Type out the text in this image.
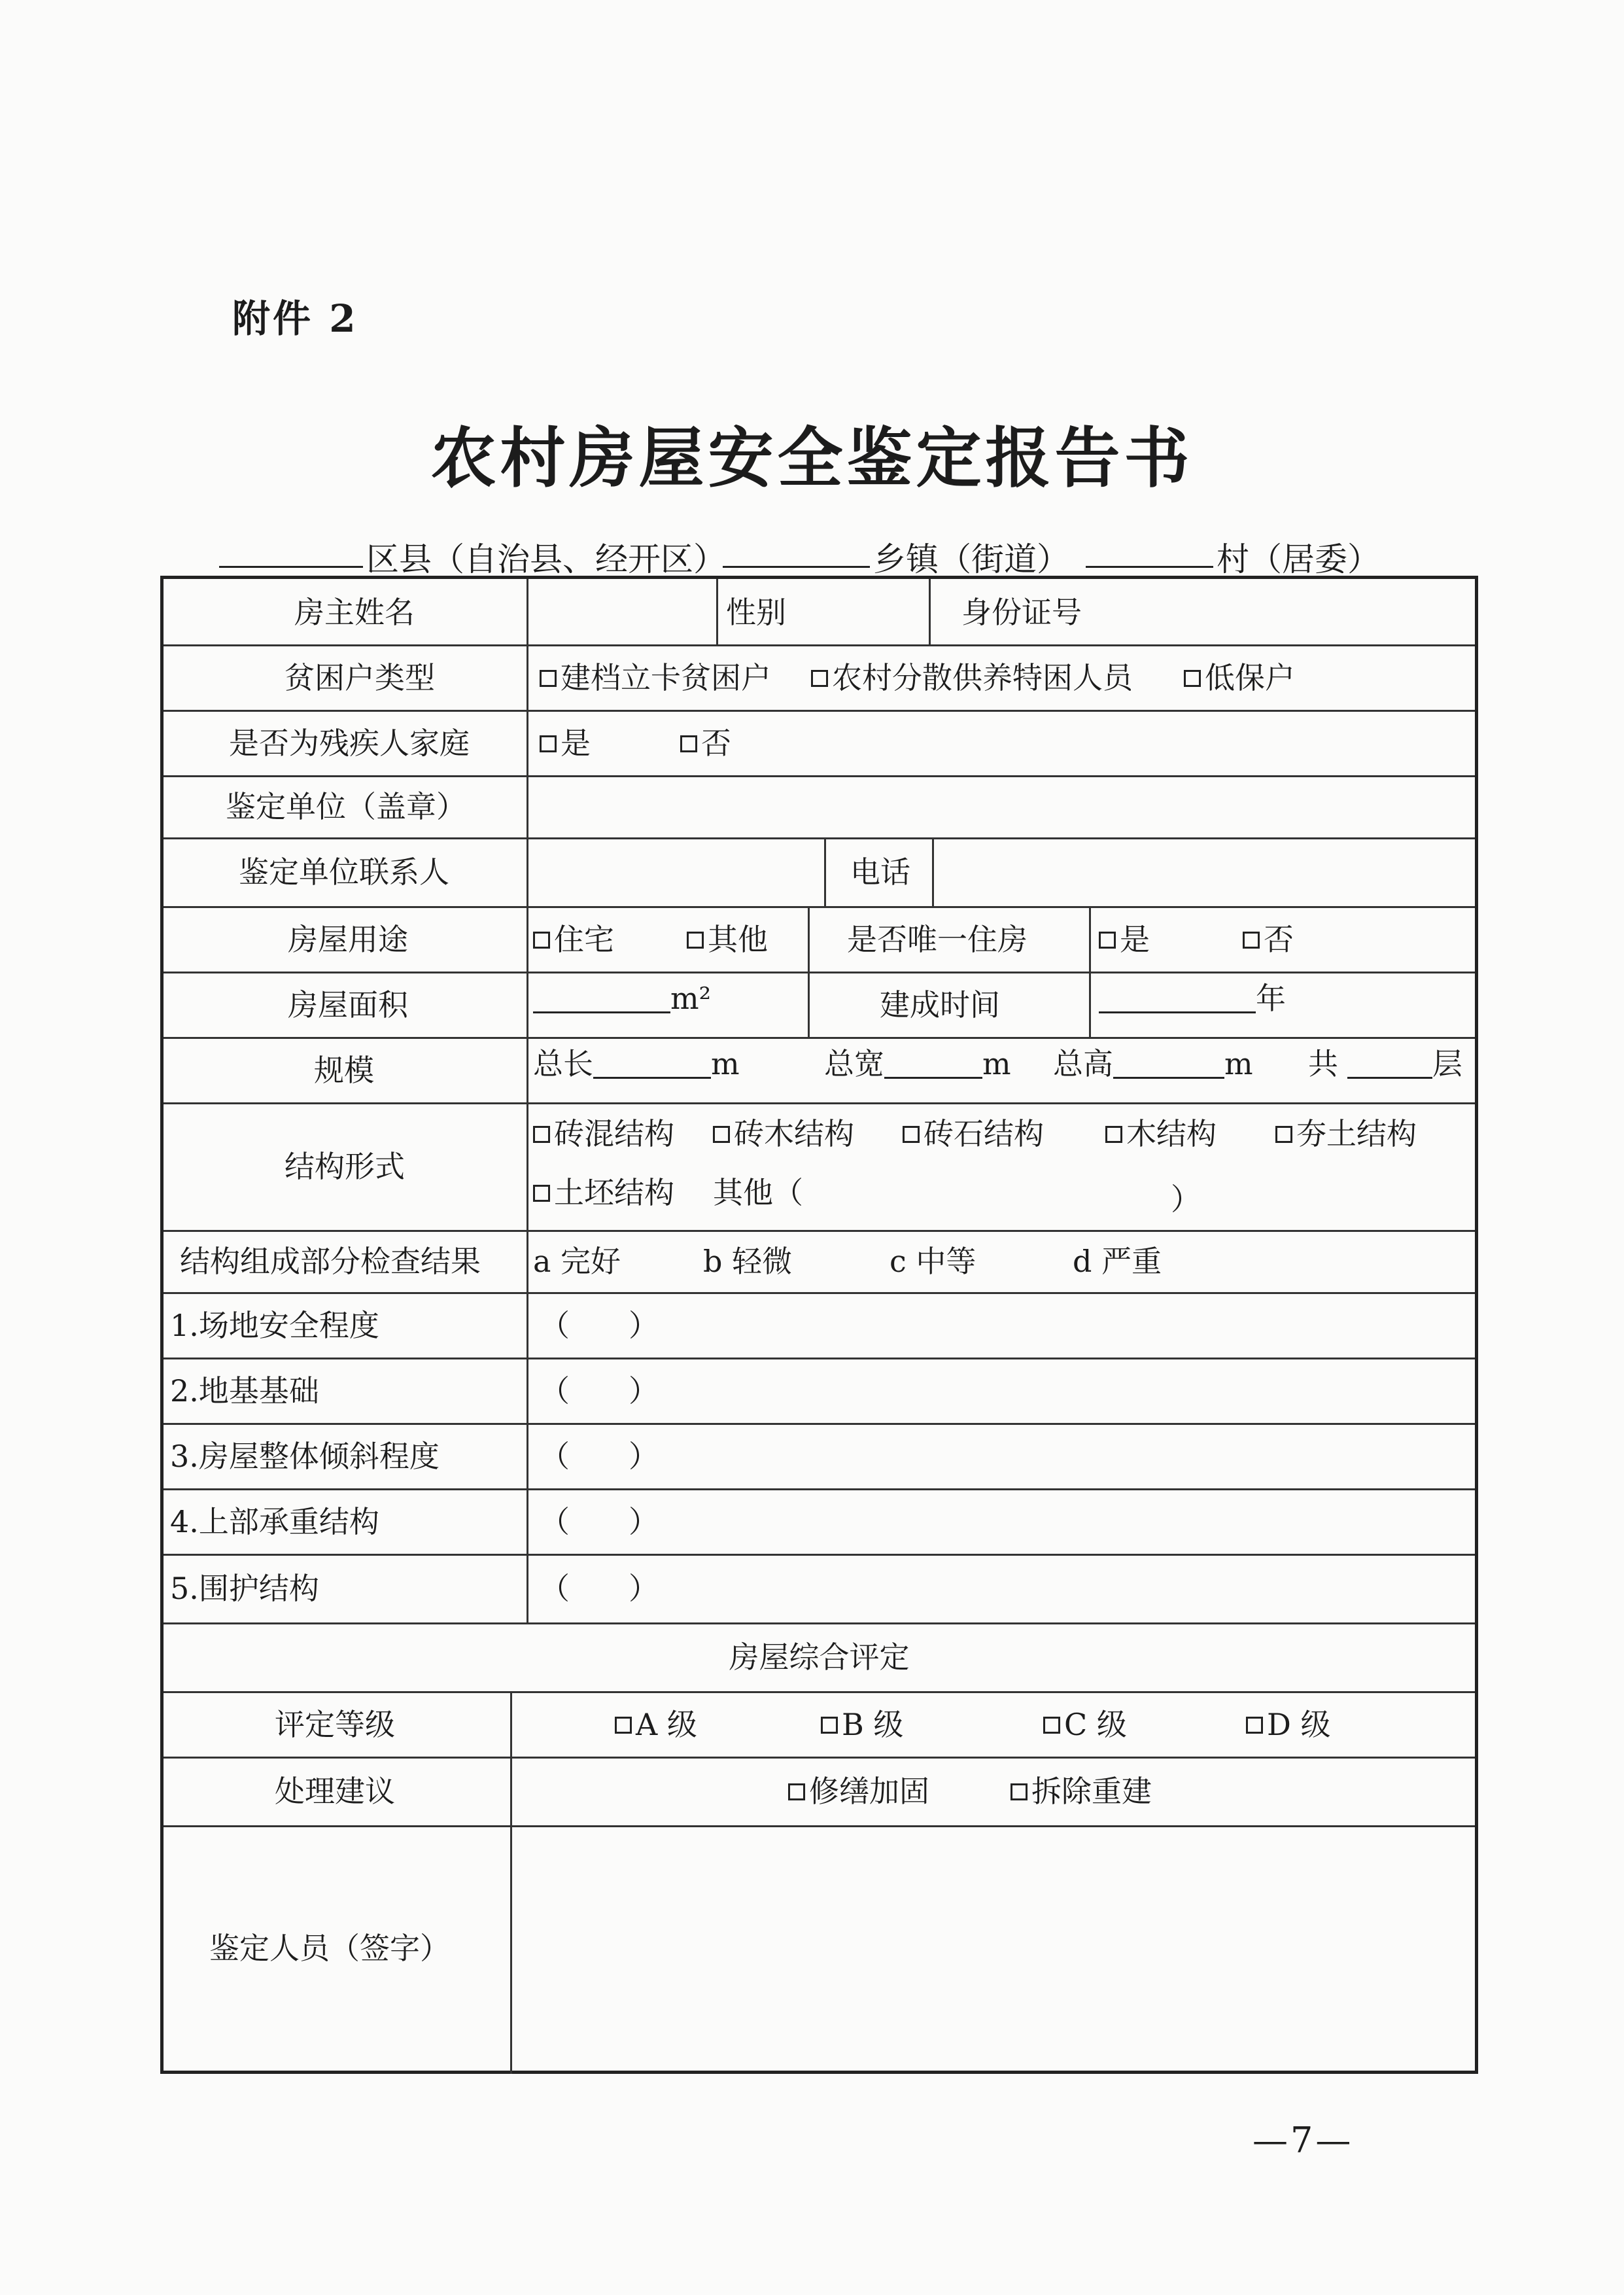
附件 2
农村房屋安全鉴定报告书
区县（自治县、经开区）	乡镇（街道）	村（居委）
房主姓名	性别	身份证号
贫困户类型	建档立卡贫困户	农村分散供养特困人员	低保户
是否为残疾人家庭	是	否
鉴定单位（盖章）
鉴定单位联系人	电话
房屋用途	住宅	其他	是否唯一住房	是	否
房屋面积	m²	建成时间	年
规模	总长	m	总宽	m 总高	m 共	层
结构形式
砖混结构	砖木结构	砖石结构	木结构	夯土结构
土坯结构 其他（	）
结构组成部分检查结果 a 完好	b 轻微	c 中等	d 严重
1.场地安全程度	（ ）
2.地基基础	（ ）
3.房屋整体倾斜程度	（ ）
4.上部承重结构	（ ）
5.围护结构	（ ）
房屋综合评定
评定等级	A 级	B 级	C 级	D 级
处理建议	修缮加固	拆除重建
鉴定人员（签字）
—7—
